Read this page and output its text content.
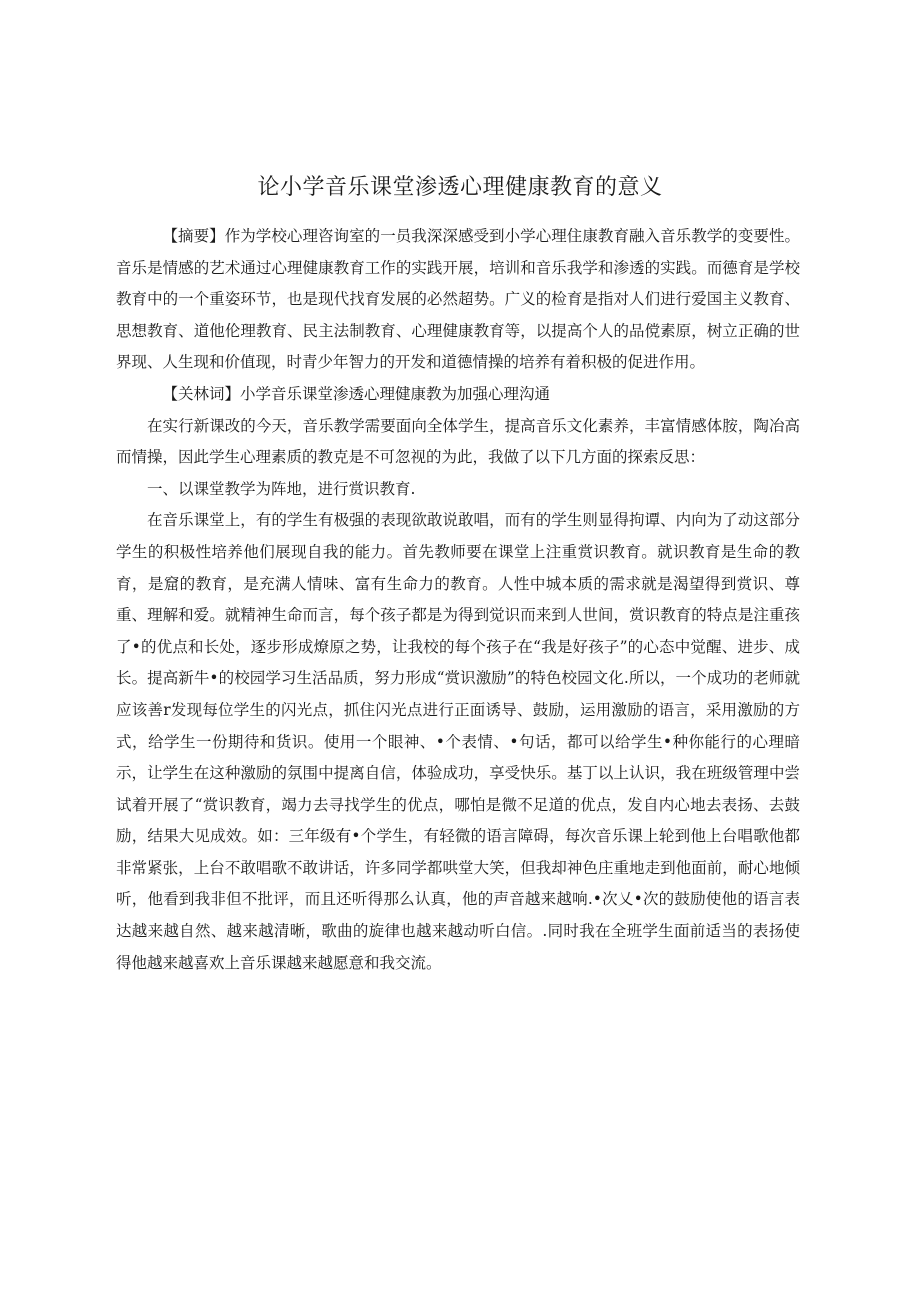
论小学音乐课堂渗透心理健康教育的意义

【摘要】作为学校心理咨询室的一员我深深感受到小学心理住康教育融入音乐教学的变要性。音乐是情感的艺术通过心理健康教育工作的实践开展，培训和音乐我学和渗透的实践。而德育是学校教育中的一个重姿环节，也是现代找育发展的必然超势。广义的检育是指对人们进行爱国主义教育、思想教育、道他伦理教育、民主法制教育、心理健康教育等，以提高个人的品傥素原，树立正确的世界现、人生现和价值现，时青少年智力的开发和道德情操的培养有着积极的促进作用。

【关林词】小学音乐课堂渗透心理健康教为加强心理沟通

在实行新课改的今天，音乐教学需要面向全体学生，提高音乐文化素养，丰富情感体胺，陶冶高而情操，因此学生心理素质的教克是不可忽视的为此，我做了以下几方面的探索反思：

一、以课堂教学为阵地，进行赏识教育.

在音乐课堂上，有的学生有极强的表现欲敢说敢唱，而有的学生则显得拘谭、内向为了动这部分学生的积极性培养他们展现自我的能力。首先教师要在课堂上注重赏识教育。就识教育是生命的教育，是窟的教育，是充满人情味、富有生命力的教育。人性中城本质的需求就是渴望得到赏识、尊重、理解和爱。就精神生命而言，每个孩子都是为得到觉识而来到人世间，赏识教育的特点是注重孩了•的优点和长处，逐步形成燎原之势，让我校的每个孩子在“我是好孩子”的心态中觉醒、进步、成长。提高新牛•的校园学习生活品质，努力形成“赏识激励”的特色校园文化.所以，一个成功的老师就应该善r发现每位学生的闪光点，抓住闪光点进行正面诱导、鼓励，运用激励的语言，采用激励的方式，给学生一份期待和货识。使用一个眼神、•个表情、•句话，都可以给学生•种你能行的心理暗示，让学生在这种激励的氛围中提离自信，体验成功，享受快乐。基丁以上认识，我在班级管理中尝试着开展了“赏识教育，竭力去寻找学生的优点，哪怕是微不足道的优点，发自内心地去表扬、去鼓励，结果大见成效。如：三年级有•个学生，有轻微的语言障碍，每次音乐课上轮到他上台唱歌他都非常紧张，上台不敢唱歌不敢讲话，许多同学都哄堂大笑，但我却神色庄重地走到他面前，耐心地倾听，他看到我非但不批评，而且还听得那么认真，他的声音越来越响.•次乂•次的鼓励使他的语言表达越来越自然、越来越清晰，歌曲的旋律也越来越动听白信。.同时我在全班学生面前适当的表扬使得他越来越喜欢上音乐课越来越愿意和我交流。
